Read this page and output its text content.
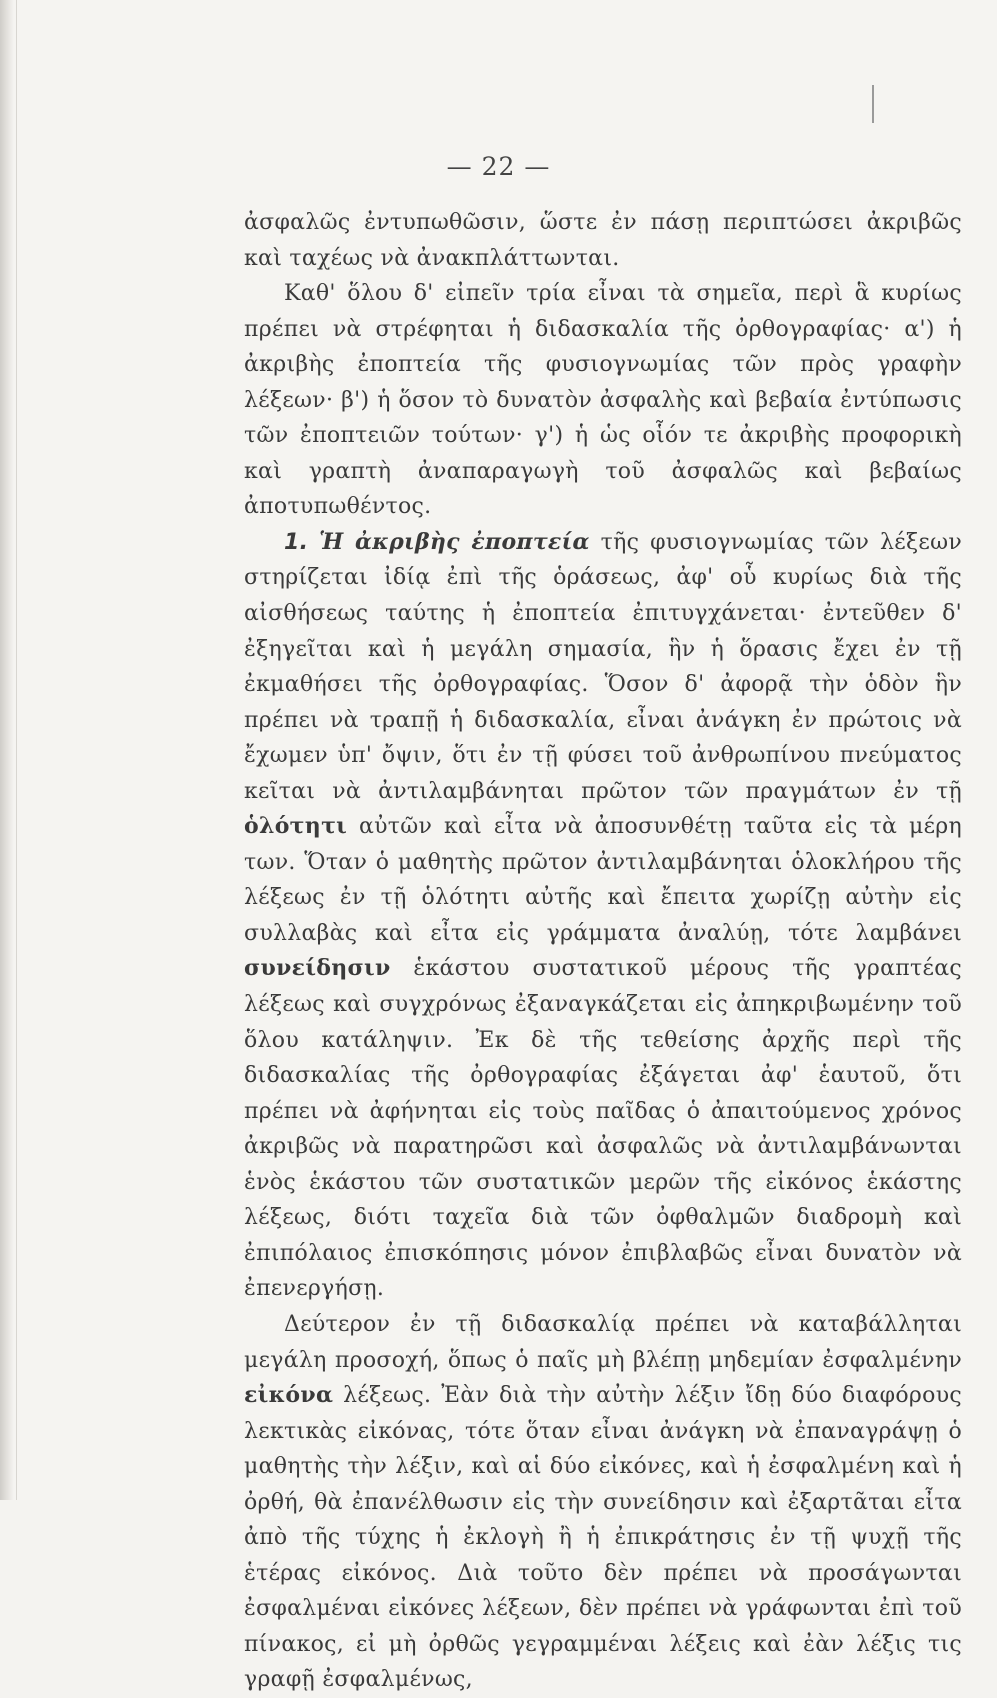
— 22 —

ἀσφαλῶς ἐντυπωθῶσιν, ὥστε ἐν πάσῃ περιπτώσει ἀκριβῶς καὶ ταχέως νὰ ἀνακπλάττωνται.

Καθ' ὅλου δ' εἰπεῖν τρία εἶναι τὰ σημεῖα, περὶ ἃ κυρίως πρέπει νὰ στρέφηται ἡ διδασκαλία τῆς ὀρθογραφίας· α') ἡ ἀκριβὴς ἐποπτεία τῆς φυσιογνωμίας τῶν πρὸς γραφὴν λέξεων· β') ἡ ὅσον τὸ δυνατὸν ἀσφαλὴς καὶ βεβαία ἐντύπωσις τῶν ἐποπτειῶν τούτων· γ') ἡ ὡς οἷόν τε ἀκριβὴς προφορικὴ καὶ γραπτὴ ἀναπαραγωγὴ τοῦ ἀσφαλῶς καὶ βεβαίως ἀποτυπωθέντος.

1. Ἡ ἀκριβὴς ἐποπτεία τῆς φυσιογνωμίας τῶν λέξεων στηρίζεται ἰδίᾳ ἐπὶ τῆς ὁράσεως, ἀφ' οὗ κυρίως διὰ τῆς αἰσθήσεως ταύτης ἡ ἐποπτεία ἐπιτυγχάνεται· ἐντεῦθεν δ' ἐξηγεῖται καὶ ἡ μεγάλη σημασία, ἣν ἡ ὅρασις ἔχει ἐν τῇ ἐκμαθήσει τῆς ὀρθογραφίας. Ὅσον δ' ἀφορᾷ τὴν ὁδὸν ἣν πρέπει νὰ τραπῇ ἡ διδασκαλία, εἶναι ἀνάγκη ἐν πρώτοις νὰ ἔχωμεν ὑπ' ὄψιν, ὅτι ἐν τῇ φύσει τοῦ ἀνθρωπίνου πνεύματος κεῖται νὰ ἀντιλαμβάνηται πρῶτον τῶν πραγμάτων ἐν τῇ ὁλότητι αὐτῶν καὶ εἶτα νὰ ἀποσυνθέτῃ ταῦτα εἰς τὰ μέρη των. Ὅταν ὁ μαθητὴς πρῶτον ἀντιλαμβάνηται ὁλοκλήρου τῆς λέξεως ἐν τῇ ὁλότητι αὐτῆς καὶ ἔπειτα χωρίζῃ αὐτὴν εἰς συλλαβὰς καὶ εἶτα εἰς γράμματα ἀναλύῃ, τότε λαμβάνει συνείδησιν ἑκάστου συστατικοῦ μέρους τῆς γραπτέας λέξεως καὶ συγχρόνως ἐξαναγκάζεται εἰς ἀπηκριβωμένην τοῦ ὅλου κατάληψιν. Ἐκ δὲ τῆς τεθείσης ἀρχῆς περὶ τῆς διδασκαλίας τῆς ὀρθογραφίας ἐξάγεται ἀφ' ἑαυτοῦ, ὅτι πρέπει νὰ ἀφήνηται εἰς τοὺς παῖδας ὁ ἀπαιτούμενος χρόνος ἀκριβῶς νὰ παρατηρῶσι καὶ ἀσφαλῶς νὰ ἀντιλαμβάνωνται ἑνὸς ἑκάστου τῶν συστατικῶν μερῶν τῆς εἰκόνος ἑκάστης λέξεως, διότι ταχεῖα διὰ τῶν ὀφθαλμῶν διαδρομὴ καὶ ἐπιπόλαιος ἐπισκόπησις μόνον ἐπιβλαβῶς εἶναι δυνατὸν νὰ ἐπενεργήσῃ.

Δεύτερον ἐν τῇ διδασκαλίᾳ πρέπει νὰ καταβάλληται μεγάλη προσοχή, ὅπως ὁ παῖς μὴ βλέπῃ μηδεμίαν ἐσφαλμένην εἰκόνα λέξεως. Ἐὰν διὰ τὴν αὐτὴν λέξιν ἴδῃ δύο διαφόρους λεκτικὰς εἰκόνας, τότε ὅταν εἶναι ἀνάγκη νὰ ἐπαναγράψῃ ὁ μαθητὴς τὴν λέξιν, καὶ αἱ δύο εἰκόνες, καὶ ἡ ἐσφαλμένη καὶ ἡ ὀρθή, θὰ ἐπανέλθωσιν εἰς τὴν συνείδησιν καὶ ἐξαρτᾶται εἶτα ἀπὸ τῆς τύχης ἡ ἐκλογὴ ἢ ἡ ἐπικράτησις ἐν τῇ ψυχῇ τῆς ἑτέρας εἰκόνος. Διὰ τοῦτο δὲν πρέπει νὰ προσάγωνται ἐσφαλμέναι εἰκόνες λέξεων, δὲν πρέπει νὰ γράφωνται ἐπὶ τοῦ πίνακος, εἰ μὴ ὀρθῶς γεγραμμέναι λέξεις καὶ ἐὰν λέξις τις γραφῇ ἐσφαλμένως,
